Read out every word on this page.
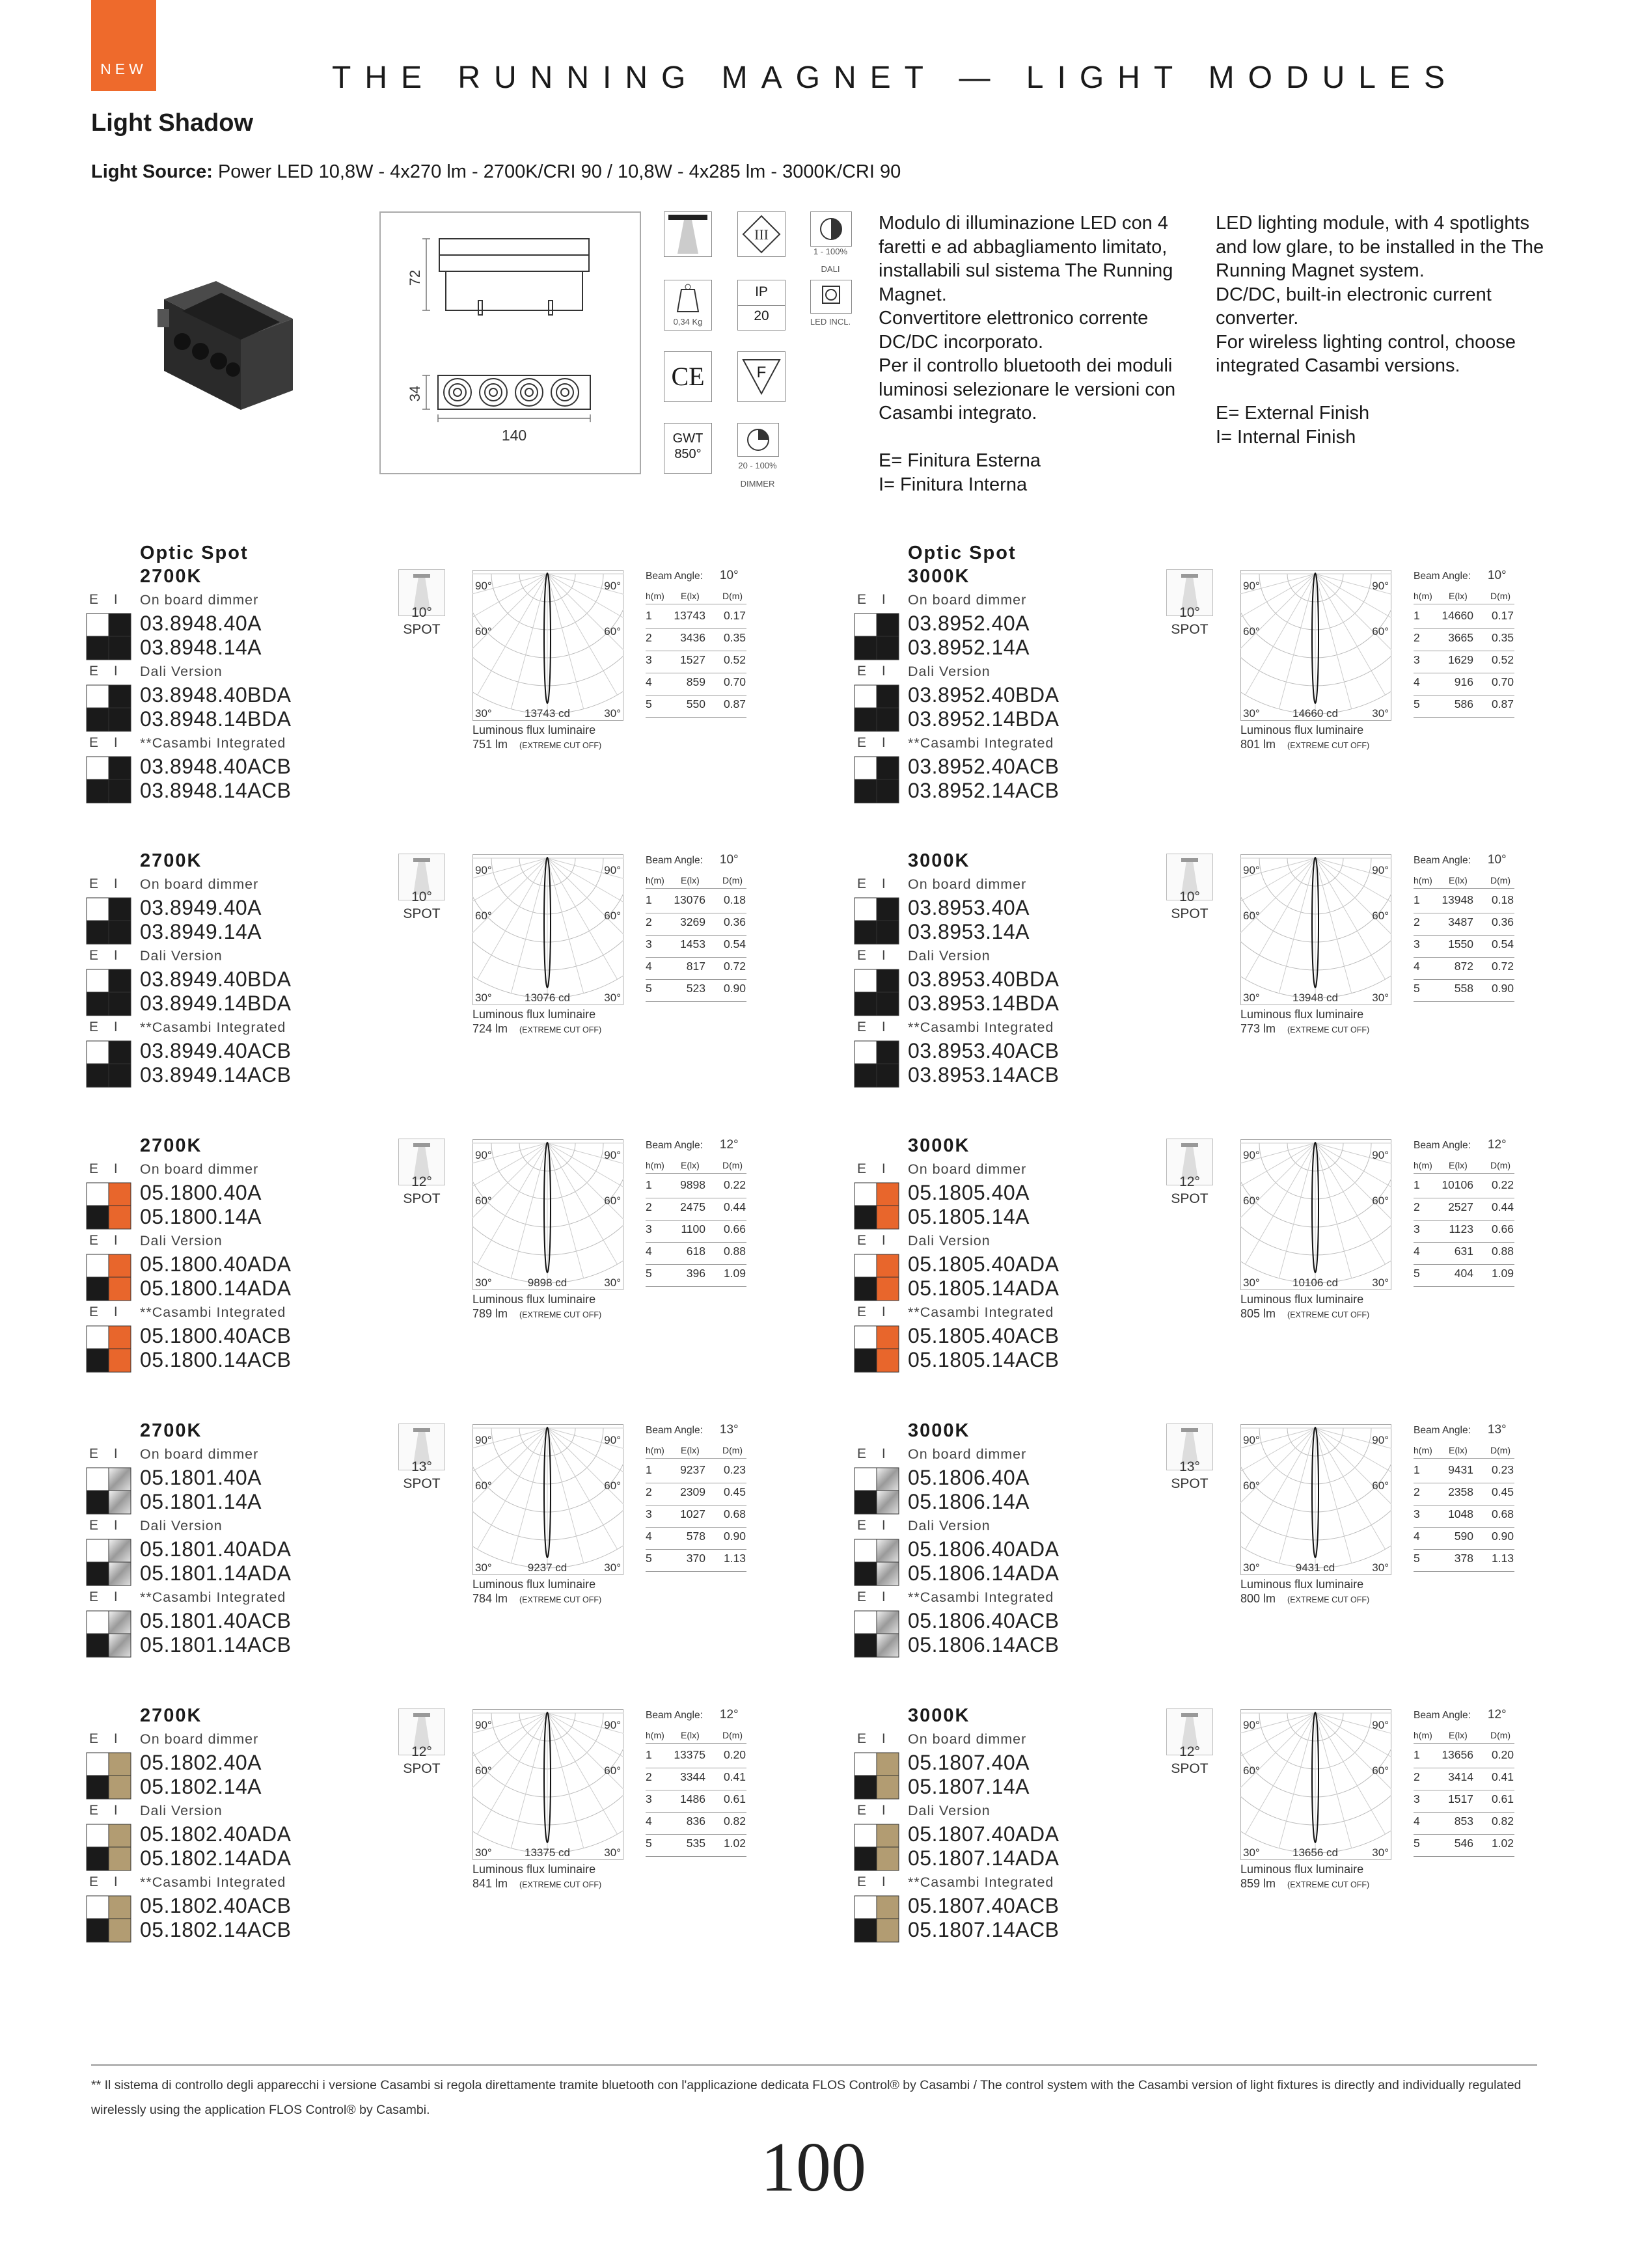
NEW	THE RUNNING MAGNET — LIGHT MODULES
Light Shadow
Light Source: Power LED 10,8W - 4x270 lm - 2700K/CRI 90 / 10,8W - 4x285 lm - 3000K/CRI 90
72
34
140
III
1 - 100%
DALI
0,34 Kg
IP
20	LED INCL.
CE	F
GWT
850°
20 - 100%
DIMMER
Modulo di illuminazione LED con 4 faretti e ad abbagliamento limitato, installabili sul sistema The Running Magnet.
Convertitore elettronico corrente DC/DC incorporato.
Per il controllo bluetooth dei moduli luminosi selezionare le versioni con Casambi integrato.

E= Finitura Esterna
I= Finitura Interna
LED lighting module, with 4 spotlights and low glare, to be installed in the The Running Magnet system.
DC/DC, built-in electronic current converter.
For wireless lighting control, choose integrated Casambi versions.

E= External Finish
I= Internal Finish
Optic Spot
2700K
E I On board dimmer
03.8948.40A
03.8948.14A
E I Dali Version
03.8948.40BDA
03.8948.14BDA
E I **Casambi Integrated
03.8948.40ACB
03.8948.14ACB
10°
SPOT
90°	90°
60°	60°
30°	30°
13743 cd
Luminous flux luminaire
751 lm (EXTREME CUT OFF)
Beam Angle: 10°
h(m) E(lx)	D(m)
1	13743	0.17
2	3436	0.35
3	1527	0.52
4	859	0.70
5	550	0.87
Optic Spot
3000K
E I On board dimmer
03.8952.40A
03.8952.14A
E I Dali Version
03.8952.40BDA
03.8952.14BDA
E I **Casambi Integrated
03.8952.40ACB
03.8952.14ACB
10°
SPOT
90°	90°
60°	60°
30°	30°
14660 cd
Luminous flux luminaire
801 lm (EXTREME CUT OFF)
Beam Angle: 10°
h(m) E(lx)	D(m)
1	14660	0.17
2	3665	0.35
3	1629	0.52
4	916	0.70
5	586	0.87
2700K
E I On board dimmer
03.8949.40A
03.8949.14A
E I Dali Version
03.8949.40BDA
03.8949.14BDA
E I **Casambi Integrated
03.8949.40ACB
03.8949.14ACB
10°
SPOT
90°	90°
60°	60°
30°	30°
13076 cd
Luminous flux luminaire
724 lm (EXTREME CUT OFF)
Beam Angle: 10°
h(m) E(lx)	D(m)
1	13076	0.18
2	3269	0.36
3	1453	0.54
4	817	0.72
5	523	0.90
3000K
E I On board dimmer
03.8953.40A
03.8953.14A
E I Dali Version
03.8953.40BDA
03.8953.14BDA
E I **Casambi Integrated
03.8953.40ACB
03.8953.14ACB
10°
SPOT
90°	90°
60°	60°
30°	30°
13948 cd
Luminous flux luminaire
773 lm (EXTREME CUT OFF)
Beam Angle: 10°
h(m) E(lx)	D(m)
1	13948	0.18
2	3487	0.36
3	1550	0.54
4	872	0.72
5	558	0.90
2700K
E I On board dimmer
05.1800.40A
05.1800.14A
E I Dali Version
05.1800.40ADA
05.1800.14ADA
E I **Casambi Integrated
05.1800.40ACB
05.1800.14ACB
12°
SPOT
90°	90°
60°	60°
30°	30°
9898 cd
Luminous flux luminaire
789 lm (EXTREME CUT OFF)
Beam Angle: 12°
h(m) E(lx)	D(m)
1	9898	0.22
2	2475	0.44
3	1100	0.66
4	618	0.88
5	396	1.09
3000K
E I On board dimmer
05.1805.40A
05.1805.14A
E I Dali Version
05.1805.40ADA
05.1805.14ADA
E I **Casambi Integrated
05.1805.40ACB
05.1805.14ACB
12°
SPOT
90°	90°
60°	60°
30°	30°
10106 cd
Luminous flux luminaire
805 lm (EXTREME CUT OFF)
Beam Angle: 12°
h(m) E(lx)	D(m)
1	10106	0.22
2	2527	0.44
3	1123	0.66
4	631	0.88
5	404	1.09
2700K
E I On board dimmer
05.1801.40A
05.1801.14A
E I Dali Version
05.1801.40ADA
05.1801.14ADA
E I **Casambi Integrated
05.1801.40ACB
05.1801.14ACB
13°
SPOT
90°	90°
60°	60°
30°	30°
9237 cd
Luminous flux luminaire
784 lm (EXTREME CUT OFF)
Beam Angle: 13°
h(m) E(lx)	D(m)
1	9237	0.23
2	2309	0.45
3	1027	0.68
4	578	0.90
5	370	1.13
3000K
E I On board dimmer
05.1806.40A
05.1806.14A
E I Dali Version
05.1806.40ADA
05.1806.14ADA
E I **Casambi Integrated
05.1806.40ACB
05.1806.14ACB
13°
SPOT
90°	90°
60°	60°
30°	30°
9431 cd
Luminous flux luminaire
800 lm (EXTREME CUT OFF)
Beam Angle: 13°
h(m) E(lx)	D(m)
1	9431	0.23
2	2358	0.45
3	1048	0.68
4	590	0.90
5	378	1.13
2700K
E I On board dimmer
05.1802.40A
05.1802.14A
E I Dali Version
05.1802.40ADA
05.1802.14ADA
E I **Casambi Integrated
05.1802.40ACB
05.1802.14ACB
12°
SPOT
90°	90°
60°	60°
30°	30°
13375 cd
Luminous flux luminaire
841 lm (EXTREME CUT OFF)
Beam Angle: 12°
h(m) E(lx)	D(m)
1	13375	0.20
2	3344	0.41
3	1486	0.61
4	836	0.82
5	535	1.02
3000K
E I On board dimmer
05.1807.40A
05.1807.14A
E I Dali Version
05.1807.40ADA
05.1807.14ADA
E I **Casambi Integrated
05.1807.40ACB
05.1807.14ACB
12°
SPOT
90°	90°
60°	60°
30°	30°
13656 cd
Luminous flux luminaire
859 lm (EXTREME CUT OFF)
Beam Angle: 12°
h(m) E(lx)	D(m)
1	13656	0.20
2	3414	0.41
3	1517	0.61
4	853	0.82
5	546	1.02
** Il sistema di controllo degli apparecchi i versione Casambi si regola direttamente tramite bluetooth con l'applicazione dedicata FLOS Control® by Casambi / The control system with the Casambi version of light fixtures is directly and individually regulated wirelessly using the application FLOS Control® by Casambi.
100
